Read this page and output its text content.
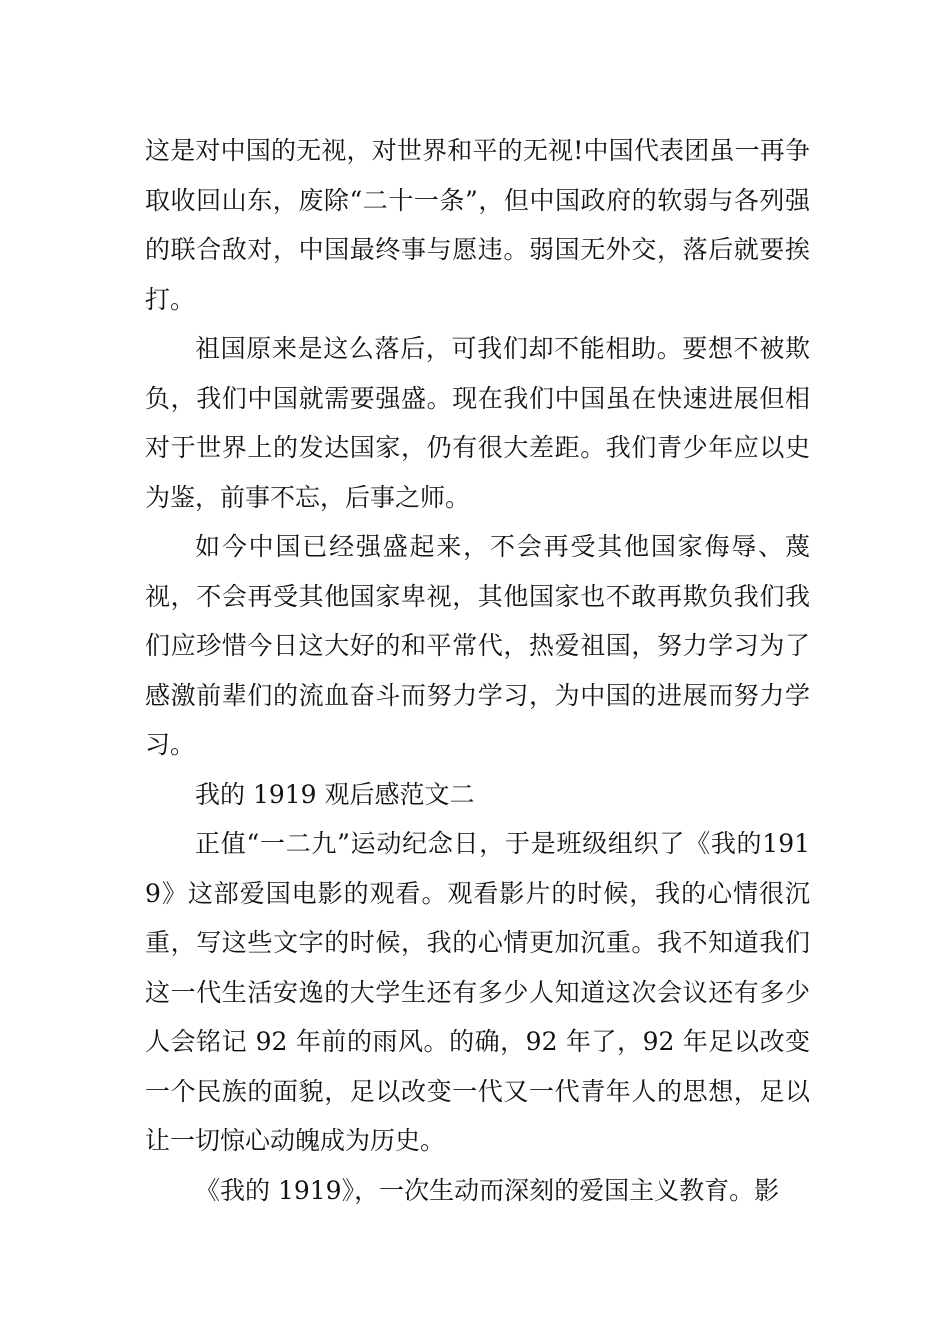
这是对中国的无视，对世界和平的无视!中国代表团虽一再争取收回山东，废除“二十一条”，但中国政府的软弱与各列强的联合敌对，中国最终事与愿违。弱国无外交，落后就要挨打。

祖国原来是这么落后，可我们却不能相助。要想不被欺负，我们中国就需要强盛。现在我们中国虽在快速进展但相对于世界上的发达国家，仍有很大差距。我们青少年应以史为鉴，前事不忘，后事之师。

如今中国已经强盛起来，不会再受其他国家侮辱、蔑视，不会再受其他国家卑视，其他国家也不敢再欺负我们我们应珍惜今日这大好的和平常代，热爱祖国，努力学习为了感激前辈们的流血奋斗而努力学习，为中国的进展而努力学习。

我的 1919 观后感范文二

正值“一二九”运动纪念日，于是班级组织了《我的1919》这部爱国电影的观看。观看影片的时候，我的心情很沉重，写这些文字的时候，我的心情更加沉重。我不知道我们这一代生活安逸的大学生还有多少人知道这次会议还有多少人会铭记 92 年前的雨风。的确，92 年了，92 年足以改变一个民族的面貌，足以改变一代又一代青年人的思想，足以让一切惊心动魄成为历史。

《我的 1919》，一次生动而深刻的爱国主义教育。影
